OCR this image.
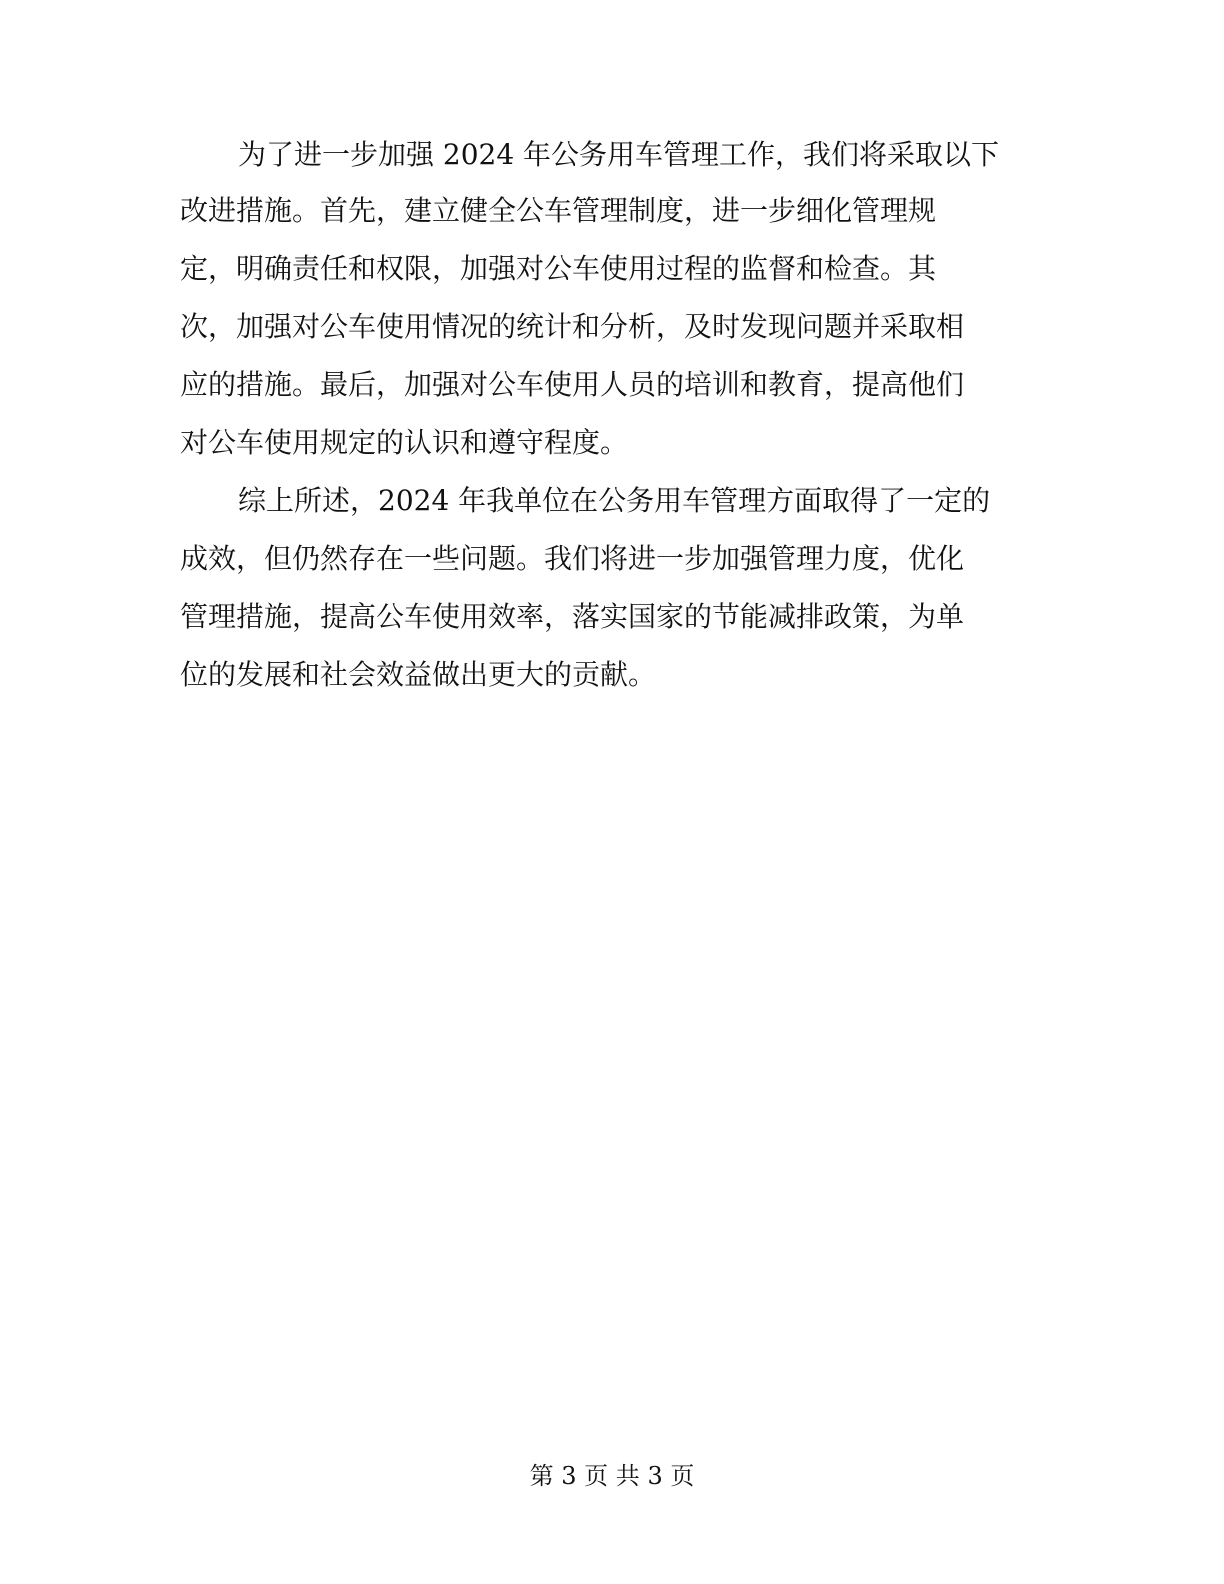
为了进一步加强 2024 年公务用车管理工作，我们将采取以下
改进措施。首先，建立健全公车管理制度，进一步细化管理规
定，明确责任和权限，加强对公车使用过程的监督和检查。其
次，加强对公车使用情况的统计和分析，及时发现问题并采取相
应的措施。最后，加强对公车使用人员的培训和教育，提高他们
对公车使用规定的认识和遵守程度。
综上所述，2024 年我单位在公务用车管理方面取得了一定的
成效，但仍然存在一些问题。我们将进一步加强管理力度，优化
管理措施，提高公车使用效率，落实国家的节能减排政策，为单
位的发展和社会效益做出更大的贡献。
第 3 页 共 3 页
